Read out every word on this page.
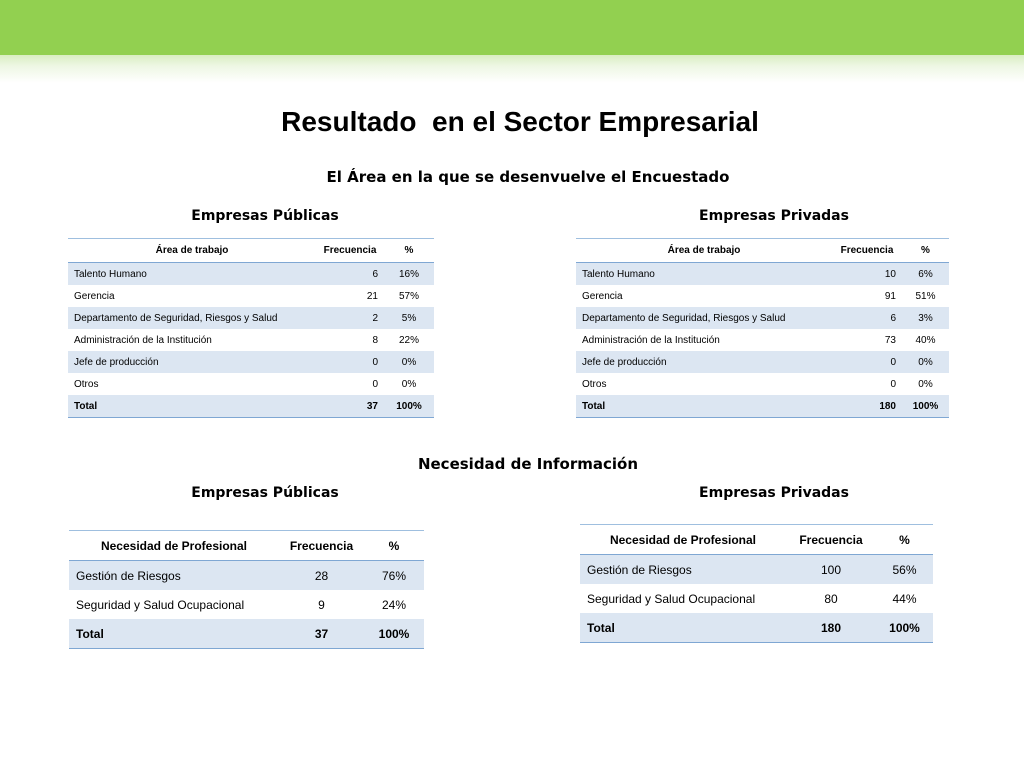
Resultado  en el Sector Empresarial
El Área en la que se desenvuelve el Encuestado
Empresas Públicas	Empresas Privadas
Área de trabajo	Frecuencia	%
Talento Humano	6	16%
Gerencia	21	57%
Departamento de Seguridad, Riesgos y Salud	2	5%
Administración de la Institución	8	22%
Jefe de producción	0	0%
Otros	0	0%
Total	37	100%
Área de trabajo	Frecuencia	%
Talento Humano	10	6%
Gerencia	91	51%
Departamento de Seguridad, Riesgos y Salud	6	3%
Administración de la Institución	73	40%
Jefe de producción	0	0%
Otros	0	0%
Total	180	100%
Necesidad de Información
Empresas Públicas	Empresas Privadas
Necesidad de Profesional	Frecuencia	%
Gestión de Riesgos	28	76%
Seguridad y Salud Ocupacional	9	24%
Total	37	100%
Necesidad de Profesional	Frecuencia	%
Gestión de Riesgos	100	56%
Seguridad y Salud Ocupacional	80	44%
Total	180	100%
